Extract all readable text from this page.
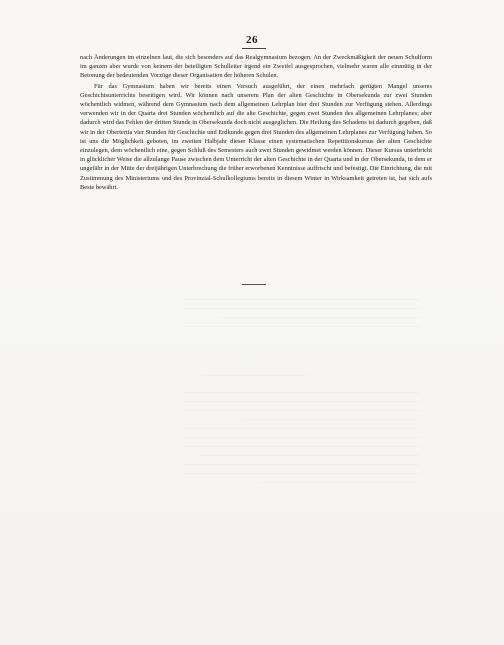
26

nach Änderungen im einzelnen laut, die sich besonders auf das Realgymnasium bezogen. An der Zweckmäßigkeit der neuen Schulform im ganzen aber wurde von keinem der beteiligten Schulleiter irgend ein Zweifel ausgesprochen, vielmehr waren alle einmütig in der Betonung der bedeutenden Vorzüge dieser Organisation der höheren Schulen.

Für das Gymnasium haben wir bereits einen Versuch ausgeführt, der einen mehrfach gerügten Mangel unseres Geschichtsunterrichts beseitigen wird. Wir können nach unserem Plan der alten Geschichte in Obersekunda zur zwei Stunden wöchentlich widmen, während dem Gymnasium nach dem allgemeinen Lehrplan hier drei Stunden zur Verfügung stehen. Allerdings verwenden wir in der Quarta drei Stunden wöchentlich auf die alte Geschichte, gegen zwei Stunden des allgemeinen Lehrplanes; aber dadurch wird das Fehlen der dritten Stunde in Obersekunda doch nicht ausgeglichen. Die Heilung des Schadens ist dadurch gegeben, daß wir in der Obertertia vier Stunden für Geschichte und Erdkunde gegen drei Stunden des allgemeinen Lehrplanes zur Verfügung haben. So ist uns die Möglichkeit geboten, im zweiten Halbjahr dieser Klasse einen systematischen Repetitionskursus der alten Geschichte einzulegen, dem wöchentlich eine, gegen Schluß des Semesters auch zwei Stunden gewidmet werden können. Dieser Kursus unterbricht in glücklicher Weise die allzulange Pause zwischen dem Unterricht der alten Geschichte in der Quarta und in der Obersekunda, in dem er ungefähr in der Mitte der dreijährigen Unterbrechung die früher erworbenen Kenntnisse auffrischt und befestigt. Die Einrichtung, die mit Zustimmung des Ministeriums und des Provinzial-Schulkollegiums bereits in diesem Winter in Wirksamkeit getreten ist, hat sich aufs Beste bewährt.

────────────────────────────────────────────────────────
────────────────────────────────────────────────────────
───────────────────────────────────────────────
────────────────────────────────────────────────────────
─────────────────────
────────────────────────────────────────────────────────
────────────────────────────────────────────────────────
────────────────────────────────────────────────────────
──────────────────────────────────────────
────────────────────────────────────────────────────────
────────────────────────────────────────────────────────
────────────────────────────────────────────────────────
────────────────────────────────────────────────────
────────────────────────────────────────────────────────
────────────────────────────────────────────────────────
──────────────────────────────────────
